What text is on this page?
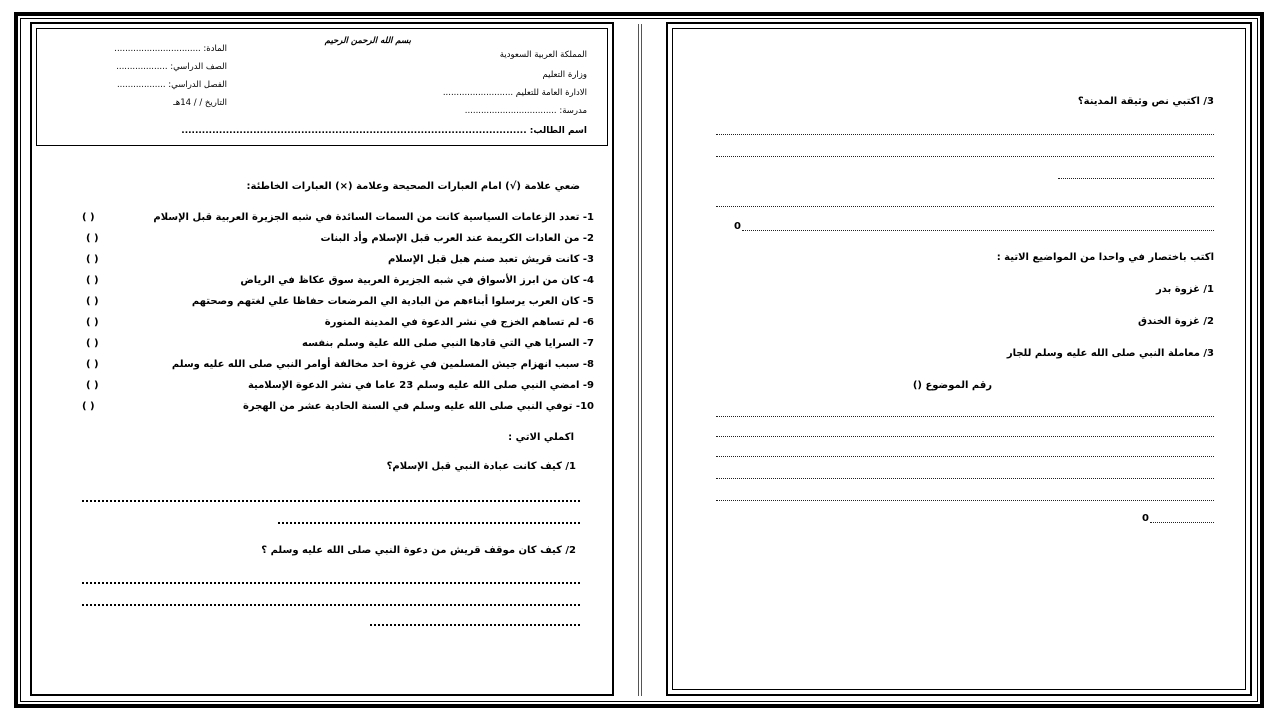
بسم الله الرحمن الرحيم
المملكة العربية السعودية
وزارة التعليم
الادارة العامة للتعليم ..........................
مدرسة: ..................................
المادة: ................................
الصف الدراسي: ...................
الفصل الدراسي: ..................
التاريخ / / 14هـ
اسم الطالب: .....................................................................................................
ضعي علامة (√) امام العبارات الصحيحة وعلامة (×) العبارات الخاطئة:
1- تعدد الزعامات السياسية كانت من السمات السائدة في شبه الجزيرة العربية قبل الإسلام
( )
2- من العادات الكريمة عند العرب قبل الإسلام وأد البنات
( )
3- كانت قريش تعبد صنم هبل قبل الإسلام
( )
4- كان من ابرز الأسواق في شبه الجزيرة العربية سوق عكاظ في الرياض
( )
5- كان العرب يرسلوا أبناءهم من البادية الي المرضعات حفاظا علي لغتهم وصحتهم
( )
6- لم تساهم الخزج في نشر الدعوة في المدينة المنورة
( )
7- السرايا هي التي قادها النبي صلى الله علية وسلم بنفسه
( )
8- سبب انهزام جيش المسلمين في غزوة احد مخالفة أوامر النبي صلى الله عليه وسلم
( )
9- امضي النبي صلى الله عليه وسلم 23 عاما في نشر الدعوة الإسلامية
( )
10- توفي النبي صلى الله عليه وسلم في السنة الحادية عشر من الهجرة
( )
اكملي الاتي :
1/ كيف كانت عبادة النبي قبل الإسلام؟
2/ كيف كان موقف قريش من دعوة النبي صلى الله عليه وسلم ؟
3/ اكتبي نص وثيقة المدينة؟
0
اكتب باختصار في واحدا من المواضيع الاتية :
1/ غزوة بدر
2/ غزوة الخندق
3/ معاملة النبي صلى الله عليه وسلم للجار
رقم الموضوع ()
0
